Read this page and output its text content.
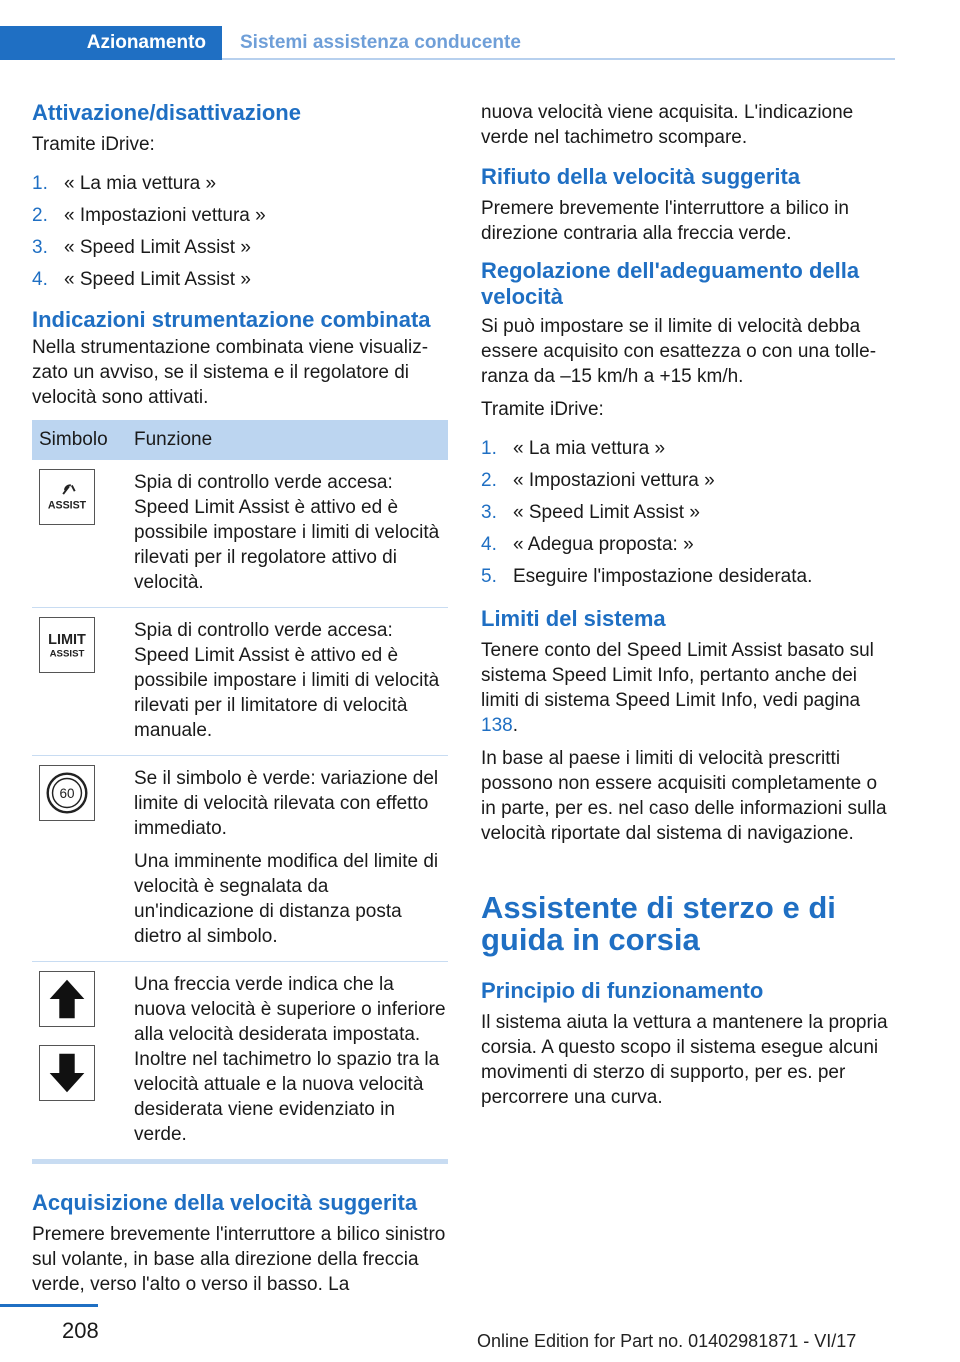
Azionamento	Sistemi assistenza conducente
Attivazione/disattivazione

Tramite iDrive:

1. « La mia vettura »
2. « Impostazioni vettura »
3. « Speed Limit Assist »
4. « Speed Limit Assist »
Indicazioni strumentazione combinata

Nella strumentazione combinata viene visualizzato un avviso, se il sistema e il regolatore di velocità sono attivati.

Simbolo	Funzione

ASSIST	Spia di controllo verde accesa: Speed Limit Assist è attivo ed è possibile impostare i limiti di velocità rilevati per il regolatore attivo di velocità.

LIMIT
ASSIST	Spia di controllo verde accesa: Speed Limit Assist è attivo ed è possibile impostare i limiti di velocità rilevati per il limitatore di velocità manuale.

60	Se il simbolo è verde: variazione del limite di velocità rilevata con effetto immediato.

Una imminente modifica del limite di velocità è segnalata da un'indicazione di distanza posta dietro al simbolo.

	Una freccia verde indica che la nuova velocità è superiore o inferiore alla velocità desiderata impostata. Inoltre nel tachimetro lo spazio tra la velocità attuale e la nuova velocità desiderata viene evidenziato in verde.
Acquisizione della velocità suggerita

Premere brevemente l'interruttore a bilico sinistro sul volante, in base alla direzione della freccia verde, verso l'alto o verso il basso. La

nuova velocità viene acquisita. L'indicazione verde nel tachimetro scompare.

Rifiuto della velocità suggerita

Premere brevemente l'interruttore a bilico in direzione contraria alla freccia verde.

Regolazione dell'adeguamento della velocità

Si può impostare se il limite di velocità debba essere acquisito con esattezza o con una tolleranza da –15 km/h a +15 km/h.

Tramite iDrive:

1. « La mia vettura »
2. « Impostazioni vettura »
3. « Speed Limit Assist »
4. « Adegua proposta: »
5. Eseguire l'impostazione desiderata.
Limiti del sistema

Tenere conto del Speed Limit Assist basato sul sistema Speed Limit Info, pertanto anche dei limiti di sistema Speed Limit Info, vedi pagina 138.

In base al paese i limiti di velocità prescritti possono non essere acquisiti completamente o in parte, per es. nel caso delle informazioni sulla velocità riportate dal sistema di navigazione.

Assistente di sterzo e di guida in corsia
Principio di funzionamento

Il sistema aiuta la vettura a mantenere la propria corsia. A questo scopo il sistema esegue alcuni movimenti di sterzo di supporto, per es. per percorrere una curva.

208	Online Edition for Part no. 01402981871 - VI/17
